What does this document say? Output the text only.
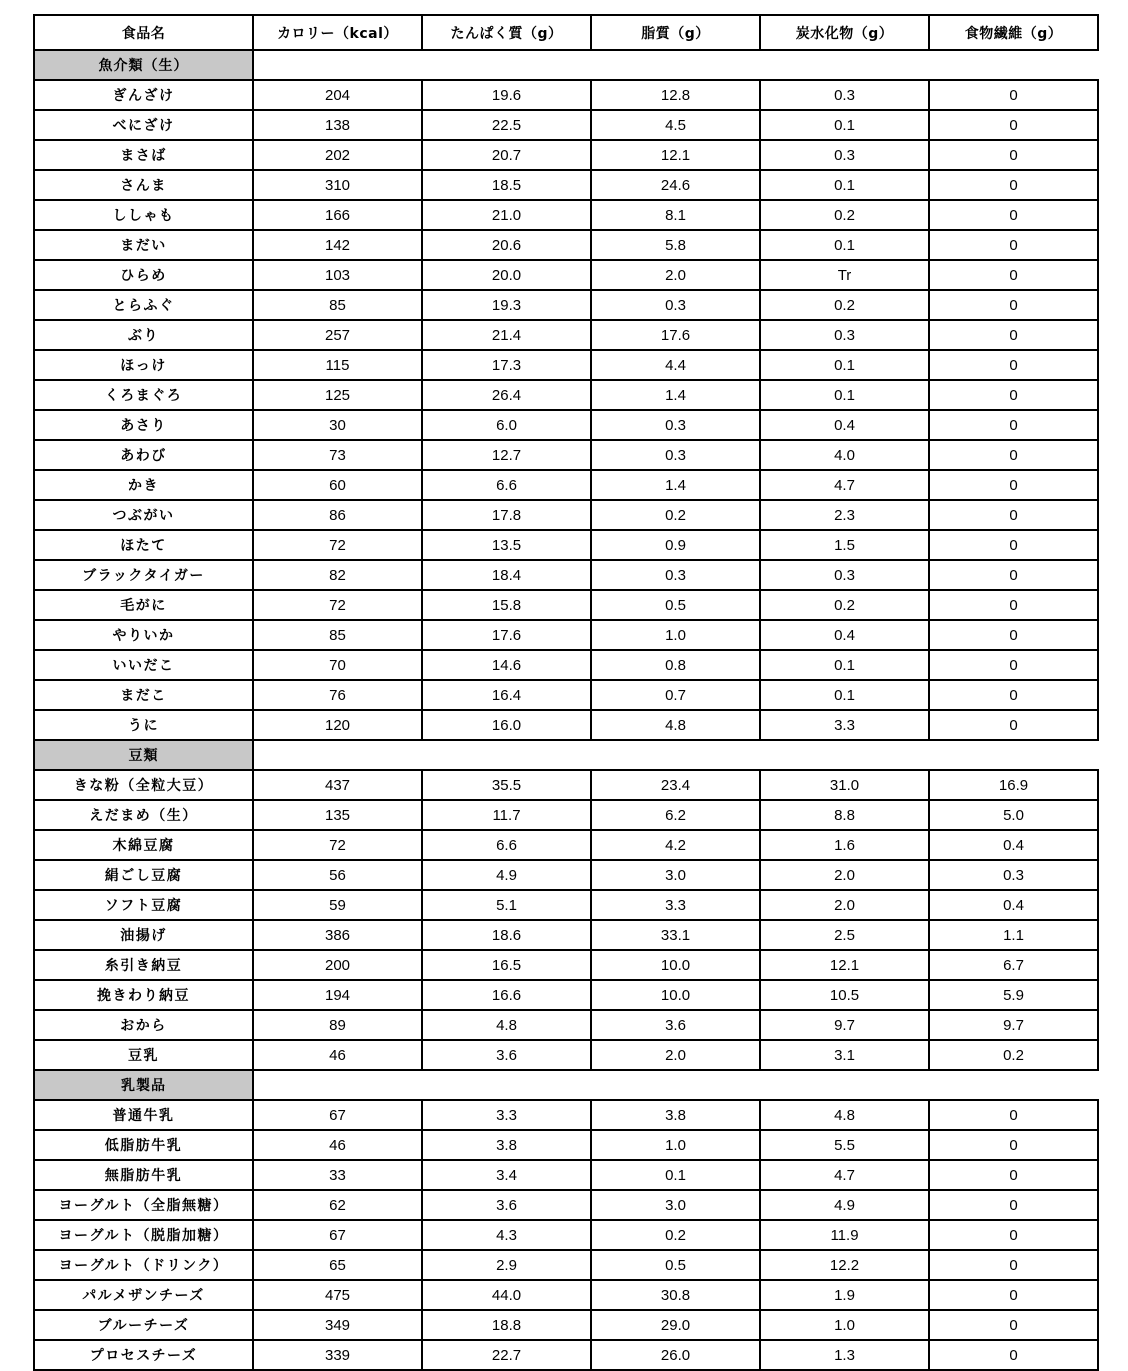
食品名	カロリー（kcal）	たんぱく質（g）	脂質（g）	炭水化物（g）	食物繊維（g）
魚介類（生）					
ぎんざけ	204	19.6	12.8	0.3	0
べにざけ	138	22.5	4.5	0.1	0
まさば	202	20.7	12.1	0.3	0
さんま	310	18.5	24.6	0.1	0
ししゃも	166	21.0	8.1	0.2	0
まだい	142	20.6	5.8	0.1	0
ひらめ	103	20.0	2.0	Tr	0
とらふぐ	85	19.3	0.3	0.2	0
ぶり	257	21.4	17.6	0.3	0
ほっけ	115	17.3	4.4	0.1	0
くろまぐろ	125	26.4	1.4	0.1	0
あさり	30	6.0	0.3	0.4	0
あわび	73	12.7	0.3	4.0	0
かき	60	6.6	1.4	4.7	0
つぶがい	86	17.8	0.2	2.3	0
ほたて	72	13.5	0.9	1.5	0
ブラックタイガー	82	18.4	0.3	0.3	0
毛がに	72	15.8	0.5	0.2	0
やりいか	85	17.6	1.0	0.4	0
いいだこ	70	14.6	0.8	0.1	0
まだこ	76	16.4	0.7	0.1	0
うに	120	16.0	4.8	3.3	0
豆類					
きな粉（全粒大豆）	437	35.5	23.4	31.0	16.9
えだまめ（生）	135	11.7	6.2	8.8	5.0
木綿豆腐	72	6.6	4.2	1.6	0.4
絹ごし豆腐	56	4.9	3.0	2.0	0.3
ソフト豆腐	59	5.1	3.3	2.0	0.4
油揚げ	386	18.6	33.1	2.5	1.1
糸引き納豆	200	16.5	10.0	12.1	6.7
挽きわり納豆	194	16.6	10.0	10.5	5.9
おから	89	4.8	3.6	9.7	9.7
豆乳	46	3.6	2.0	3.1	0.2
乳製品					
普通牛乳	67	3.3	3.8	4.8	0
低脂肪牛乳	46	3.8	1.0	5.5	0
無脂肪牛乳	33	3.4	0.1	4.7	0
ヨーグルト（全脂無糖）	62	3.6	3.0	4.9	0
ヨーグルト（脱脂加糖）	67	4.3	0.2	11.9	0
ヨーグルト（ドリンク）	65	2.9	0.5	12.2	0
パルメザンチーズ	475	44.0	30.8	1.9	0
ブルーチーズ	349	18.8	29.0	1.0	0
プロセスチーズ	339	22.7	26.0	1.3	0
